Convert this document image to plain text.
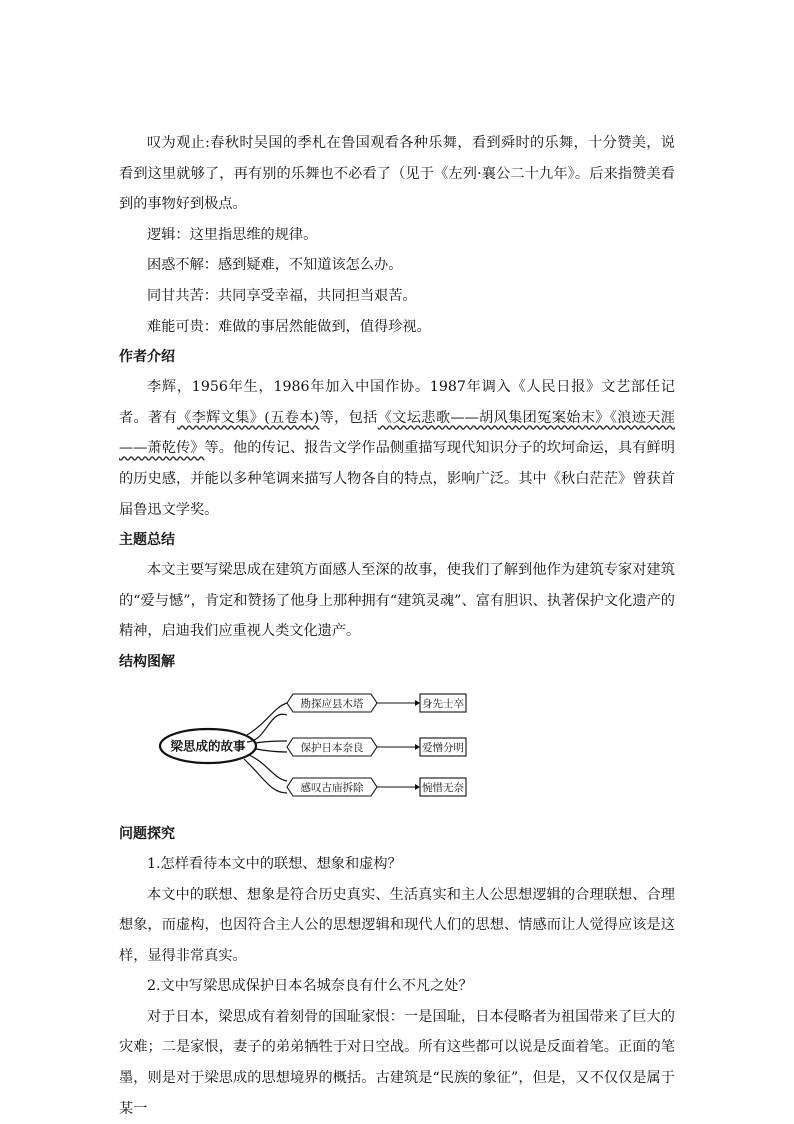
叹为观止:春秋时吴国的季札在鲁国观看各种乐舞，看到舜时的乐舞，十分赞美，说看到这里就够了，再有别的乐舞也不必看了（见于《左列·襄公二十九年》。后来指赞美看到的事物好到极点。

逻辑：这里指思维的规律。

困惑不解：感到疑难，不知道该怎么办。

同甘共苦：共同享受幸福，共同担当艰苦。

难能可贵：难做的事居然能做到，值得珍视。

作者介绍

李辉，1956年生，1986年加入中国作协。1987年调入《人民日报》文艺部任记者。著有《李辉文集》(五卷本)等，包括《文坛悲歌——胡风集团冤案始末》《浪迹天涯——萧乾传》等。他的传记、报告文学作品侧重描写现代知识分子的坎坷命运，具有鲜明的历史感，并能以多种笔调来描写人物各自的特点，影响广泛。其中《秋白茫茫》曾获首届鲁迅文学奖。

主题总结

本文主要写梁思成在建筑方面感人至深的故事，使我们了解到他作为建筑专家对建筑的“爱与憾”，肯定和赞扬了他身上那种拥有“建筑灵魂”、富有胆识、执著保护文化遗产的精神，启迪我们应重视人类文化遗产。

结构图解
梁思成的故事
勘探应县木塔
保护日本奈良
感叹古庙拆除
身先士卒
爱憎分明
惋惜无奈
问题探究

1.怎样看待本文中的联想、想象和虚构？

本文中的联想、想象是符合历史真实、生活真实和主人公思想逻辑的合理联想、合理想象，而虚构，也因符合主人公的思想逻辑和现代人们的思想、情感而让人觉得应该是这样，显得非常真实。

2.文中写梁思成保护日本名城奈良有什么不凡之处？

对于日本，梁思成有着刻骨的国耻家恨：一是国耻，日本侵略者为祖国带来了巨大的灾难；二是家恨，妻子的弟弟牺牲于对日空战。所有这些都可以说是反面着笔。正面的笔墨，则是对于梁思成的思想境界的概括。古建筑是“民族的象征”，但是，又不仅仅是属于某一
